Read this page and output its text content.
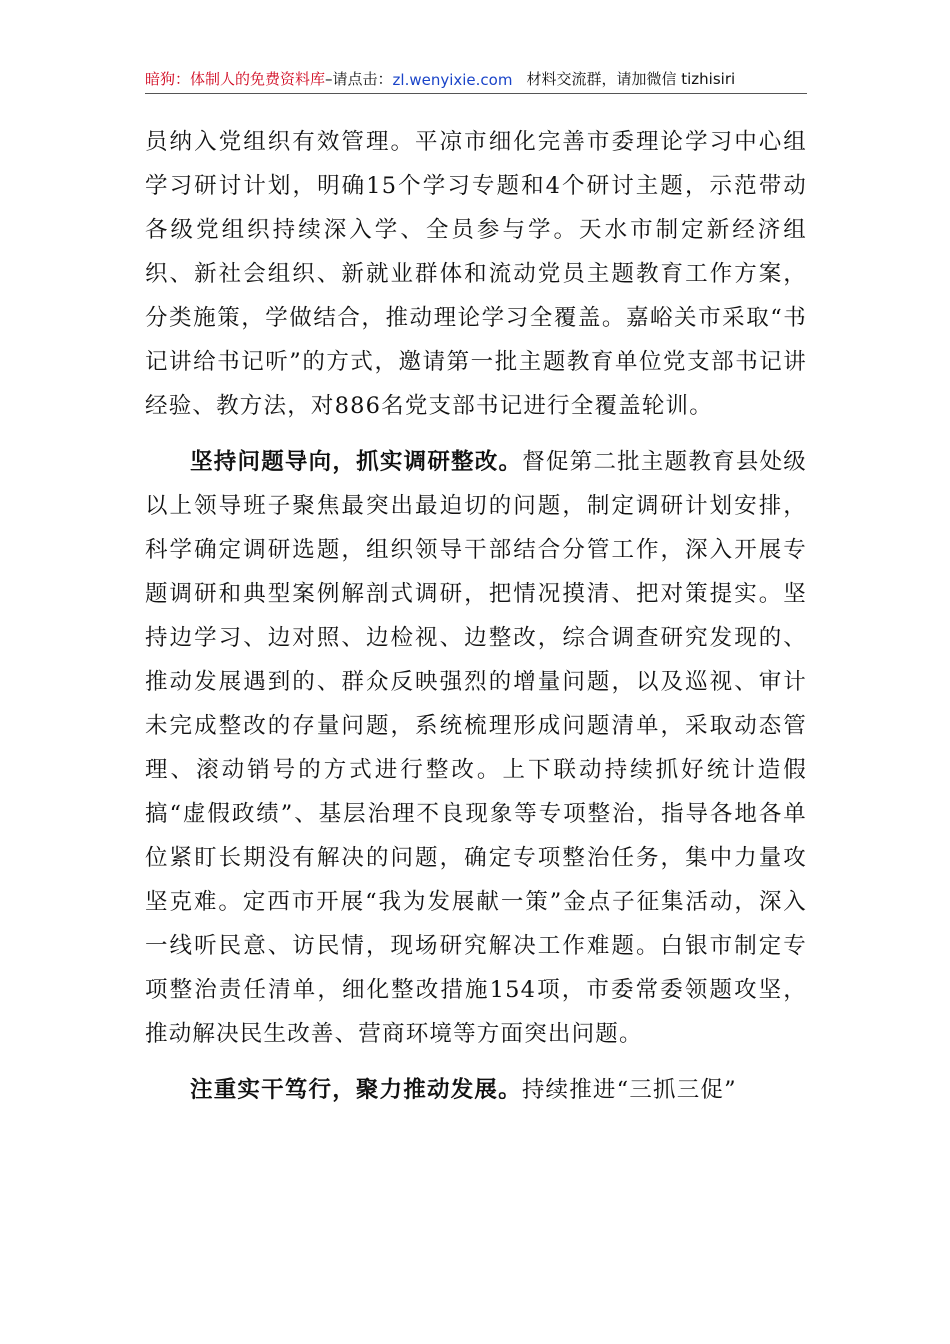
暗狗：体制人的免费资料库 –请点击： zl.wenyixie.com 材料交流群，请加微信 tizhisiri

员纳入党组织有效管理。平凉市细化完善市委理论学习中心组学习研讨计划，明确15个学习专题和4个研讨主题，示范带动各级党组织持续深入学、全员参与学。天水市制定新经济组织、新社会组织、新就业群体和流动党员主题教育工作方案，分类施策，学做结合，推动理论学习全覆盖。嘉峪关市采取“书记讲给书记听”的方式，邀请第一批主题教育单位党支部书记讲经验、教方法，对886名党支部书记进行全覆盖轮训。

坚持问题导向，抓实调研整改。督促第二批主题教育县处级以上领导班子聚焦最突出最迫切的问题，制定调研计划安排，科学确定调研选题，组织领导干部结合分管工作，深入开展专题调研和典型案例解剖式调研，把情况摸清、把对策提实。坚持边学习、边对照、边检视、边整改，综合调查研究发现的、推动发展遇到的、群众反映强烈的增量问题，以及巡视、审计未完成整改的存量问题，系统梳理形成问题清单，采取动态管理、滚动销号的方式进行整改。上下联动持续抓好统计造假搞“虚假政绩”、基层治理不良现象等专项整治，指导各地各单位紧盯长期没有解决的问题，确定专项整治任务，集中力量攻坚克难。定西市开展“我为发展献一策”金点子征集活动，深入一线听民意、访民情，现场研究解决工作难题。白银市制定专项整治责任清单，细化整改措施154项，市委常委领题攻坚，推动解决民生改善、营商环境等方面突出问题。

注重实干笃行，聚力推动发展。持续推进“三抓三促”
